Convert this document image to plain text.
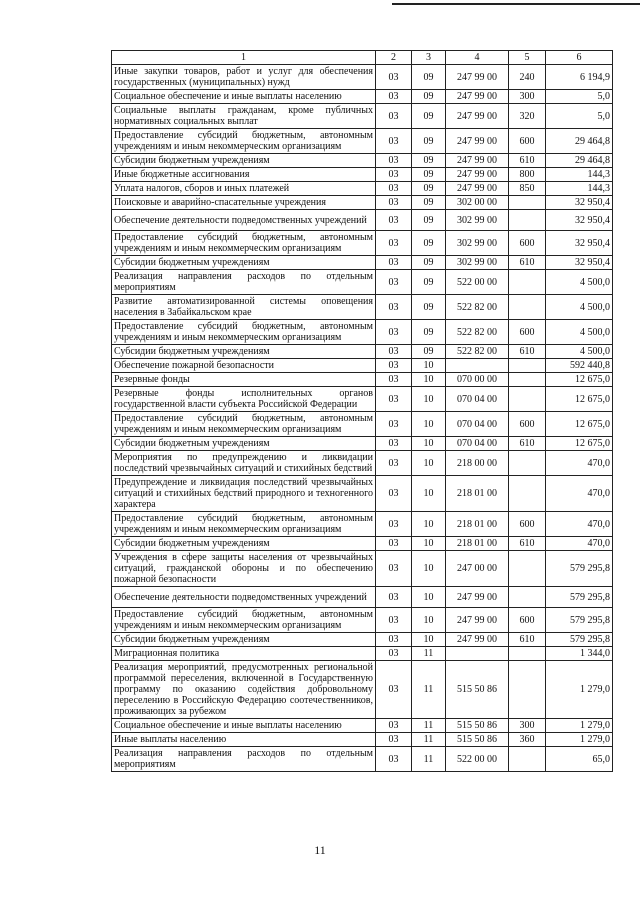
1	2	3	4	5	6
Иные закупки товаров, работ и услуг для обеспечения государственных (муниципальных) нужд	03	09	247 99 00	240	6 194,9
Социальное обеспечение и иные выплаты населению	03	09	247 99 00	300	5,0
Социальные выплаты гражданам, кроме публичных нормативных социальных выплат	03	09	247 99 00	320	5,0
Предоставление субсидий бюджетным, автономным учреждениям и иным некоммерческим организациям	03	09	247 99 00	600	29 464,8
Субсидии бюджетным учреждениям	03	09	247 99 00	610	29 464,8
Иные бюджетные ассигнования	03	09	247 99 00	800	144,3
Уплата налогов, сборов и иных платежей	03	09	247 99 00	850	144,3
Поисковые и аварийно-спасательные учреждения	03	09	302 00 00		32 950,4
Обеспечение деятельности подведомственных учреждений	03	09	302 99 00		32 950,4
Предоставление субсидий бюджетным, автономным учреждениям и иным некоммерческим организациям	03	09	302 99 00	600	32 950,4
Субсидии бюджетным учреждениям	03	09	302 99 00	610	32 950,4
Реализация направления расходов по отдельным мероприятиям	03	09	522 00 00		4 500,0
Развитие автоматизированной системы оповещения населения в Забайкальском крае	03	09	522 82 00		4 500,0
Предоставление субсидий бюджетным, автономным учреждениям и иным некоммерческим организациям	03	09	522 82 00	600	4 500,0
Субсидии бюджетным учреждениям	03	09	522 82 00	610	4 500,0
Обеспечение пожарной безопасности	03	10			592 440,8
Резервные фонды	03	10	070 00 00		12 675,0
Резервные фонды исполнительных органов государственной власти субъекта Российской Федерации	03	10	070 04 00		12 675,0
Предоставление субсидий бюджетным, автономным учреждениям и иным некоммерческим организациям	03	10	070 04 00	600	12 675,0
Субсидии бюджетным учреждениям	03	10	070 04 00	610	12 675,0
Мероприятия по предупреждению и ликвидации последствий чрезвычайных ситуаций и стихийных бедствий	03	10	218 00 00		470,0
Предупреждение и ликвидация последствий чрезвычайных ситуаций и стихийных бедствий природного и техногенного характера	03	10	218 01 00		470,0
Предоставление субсидий бюджетным, автономным учреждениям и иным некоммерческим организациям	03	10	218 01 00	600	470,0
Субсидии бюджетным учреждениям	03	10	218 01 00	610	470,0
Учреждения в сфере защиты населения от чрезвычайных ситуаций, гражданской обороны и по обеспечению пожарной безопасности	03	10	247 00 00		579 295,8
Обеспечение деятельности подведомственных учреждений	03	10	247 99 00		579 295,8
Предоставление субсидий бюджетным, автономным учреждениям и иным некоммерческим организациям	03	10	247 99 00	600	579 295,8
Субсидии бюджетным учреждениям	03	10	247 99 00	610	579 295,8
Миграционная политика	03	11			1 344,0
Реализация мероприятий, предусмотренных региональной программой переселения, включенной в Государственную программу по оказанию содействия добровольному переселению в Российскую Федерацию соотечественников, проживающих за рубежом	03	11	515 50 86		1 279,0
Социальное обеспечение и иные выплаты населению	03	11	515 50 86	300	1 279,0
Иные выплаты населению	03	11	515 50 86	360	1 279,0
Реализация направления расходов по отдельным мероприятиям	03	11	522 00 00		65,0
11
